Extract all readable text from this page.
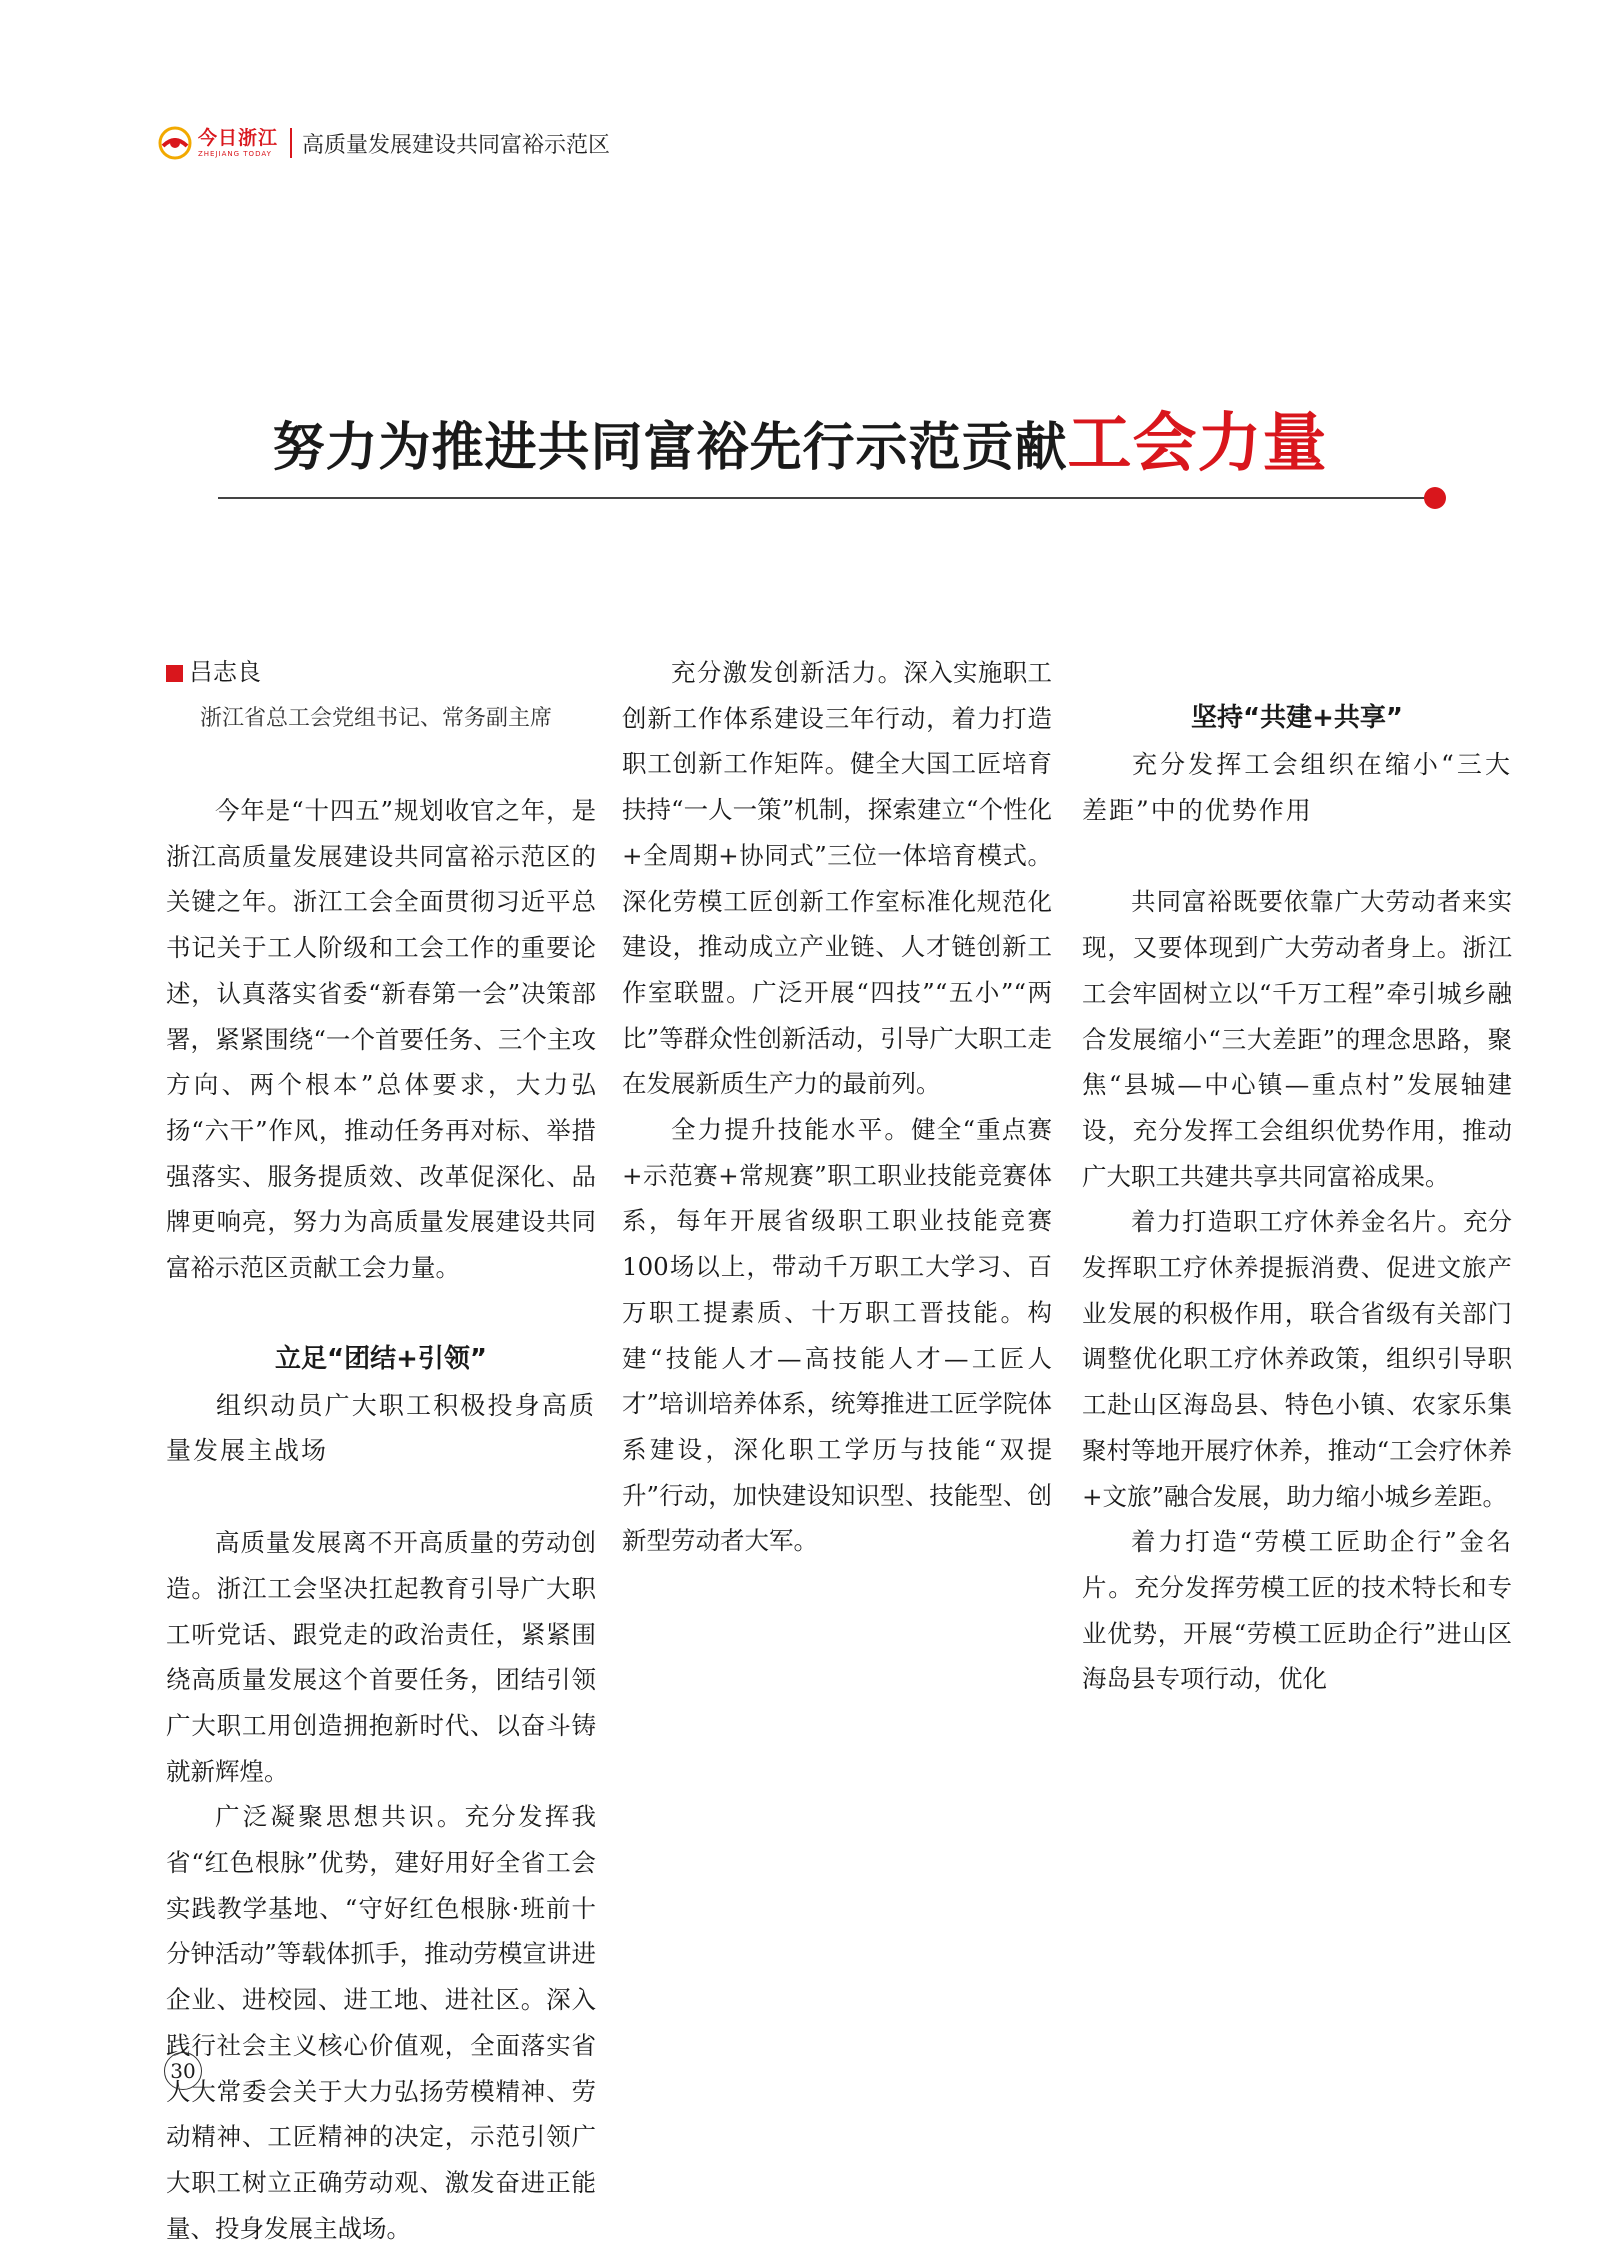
今日浙江
ZHEJIANG TODAY 高质量发展建设共同富裕示范区
努力为推进共同富裕先行示范贡献工会力量
吕志良
浙江省总工会党组书记、常务副主席

今年是“十四五”规划收官之年，是浙江高质量发展建设共同富裕示范区的关键之年。浙江工会全面贯彻习近平总书记关于工人阶级和工会工作的重要论述，认真落实省委“新春第一会”决策部署，紧紧围绕“一个首要任务、三个主攻方向、两个根本”总体要求，大力弘扬“六干”作风，推动任务再对标、举措强落实、服务提质效、改革促深化、品牌更响亮，努力为高质量发展建设共同富裕示范区贡献工会力量。

立足“团结+引领”

组织动员广大职工积极投身高质量发展主战场

高质量发展离不开高质量的劳动创造。浙江工会坚决扛起教育引导广大职工听党话、跟党走的政治责任，紧紧围绕高质量发展这个首要任务，团结引领广大职工用创造拥抱新时代、以奋斗铸就新辉煌。

广泛凝聚思想共识。充分发挥我省“红色根脉”优势，建好用好全省工会实践教学基地、“守好红色根脉·班前十分钟活动”等载体抓手，推动劳模宣讲进企业、进校园、进工地、进社区。深入践行社会主义核心价值观，全面落实省人大常委会关于大力弘扬劳模精神、劳动精神、工匠精神的决定，示范引领广大职工树立正确劳动观、激发奋进正能量、投身发展主战场。

充分激发创新活力。深入实施职工创新工作体系建设三年行动，着力打造职工创新工作矩阵。健全大国工匠培育扶持“一人一策”机制，探索建立“个性化+全周期+协同式”三位一体培育模式。深化劳模工匠创新工作室标准化规范化建设，推动成立产业链、人才链创新工作室联盟。广泛开展“四技”“五小”“两比”等群众性创新活动，引导广大职工走在发展新质生产力的最前列。

全力提升技能水平。健全“重点赛+示范赛+常规赛”职工职业技能竞赛体系，每年开展省级职工职业技能竞赛100场以上，带动千万职工大学习、百万职工提素质、十万职工晋技能。构建“技能人才—高技能人才—工匠人才”培训培养体系，统筹推进工匠学院体系建设，深化职工学历与技能“双提升”行动，加快建设知识型、技能型、创新型劳动者大军。

坚持“共建+共享”

充分发挥工会组织在缩小“三大差距”中的优势作用

共同富裕既要依靠广大劳动者来实现，又要体现到广大劳动者身上。浙江工会牢固树立以“千万工程”牵引城乡融合发展缩小“三大差距”的理念思路，聚焦“县城—中心镇—重点村”发展轴建设，充分发挥工会组织优势作用，推动广大职工共建共享共同富裕成果。

着力打造职工疗休养金名片。充分发挥职工疗休养提振消费、促进文旅产业发展的积极作用，联合省级有关部门调整优化职工疗休养政策，组织引导职工赴山区海岛县、特色小镇、农家乐集聚村等地开展疗休养，推动“工会疗休养+文旅”融合发展，助力缩小城乡差距。

着力打造“劳模工匠助企行”金名片。充分发挥劳模工匠的技术特长和专业优势，开展“劳模工匠助企行”进山区海岛县专项行动，优化

30
